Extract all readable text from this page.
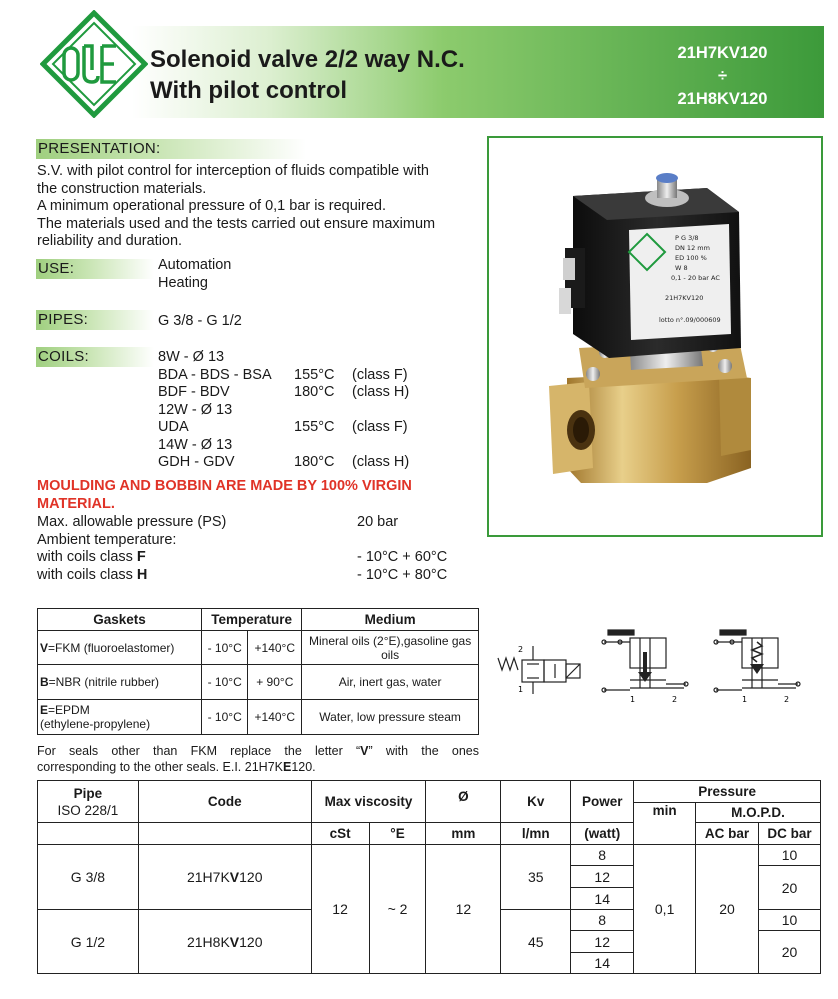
Solenoid valve 2/2 way N.C.
With pilot control
21H7KV120
÷
21H8KV120
PRESENTATION:
S.V. with pilot control for interception of fluids compatible with
the construction materials.
A minimum operational pressure of 0,1 bar is required.
The materials used and the tests carried out ensure maximum
reliability and duration.
USE:	Automation
Heating
PIPES:	G 3/8 - G 1/2
COILS:	8W - Ø 13
BDA - BDS - BSA	155°C	(class F)
BDF - BDV	180°C	(class H)
12W - Ø 13
UDA	155°C	(class F)
14W - Ø 13
GDH - GDV	180°C	(class H)
MOULDING AND BOBBIN ARE MADE BY 100% VIRGIN
MATERIAL.
Max. allowable pressure (PS)	20 bar
Ambient temperature:
with coils class F	- 10°C + 60°C
with coils class H	- 10°C + 80°C
P G 3/8
DN 12 mm
ED 100 %
W 8
0,1 - 20 bar AC
21H7KV120
lotto n°.09/000609
Gaskets	Temperature		Medium
V=FKM (fluoroelastomer)	- 10°C	+140°C	Mineral oils (2°E),gasoline gas oils
B=NBR (nitrile rubber)	- 10°C	+ 90°C	Air, inert gas, water
E=EPDM
(ethylene-propylene)	- 10°C	+140°C	Water, low pressure steam
2
1
1	2	1	2
For seals other than FKM replace the letter “V” with the ones
corresponding to the other seals. E.I. 21H7KE120.
Pipe
ISO 228/1	Code	Max viscosity		Ø	Kv	Power	Pressure		
							min	M.O.P.D.	
		cSt	°E	mm	l/mn	(watt)		AC bar	DC bar
G 3/8	21H7KV120	12	~ 2	12	35	8	0,1	20	10
						12			20
						14			
G 1/2	21H8KV120				45	8			10
						12			20
						14			
